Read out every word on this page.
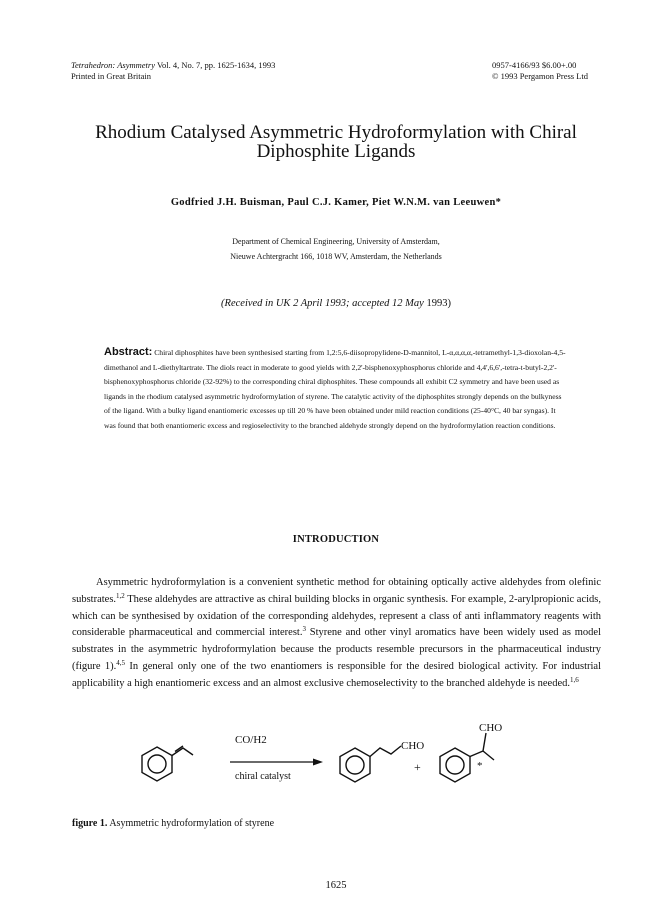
Tetrahedron: Asymmetry Vol. 4, No. 7, pp. 1625-1634, 1993
Printed in Great Britain
0957-4166/93 $6.00+.00
© 1993 Pergamon Press Ltd
Rhodium Catalysed Asymmetric Hydroformylation with Chiral
Diphosphite Ligands
Godfried J.H. Buisman, Paul C.J. Kamer, Piet W.N.M. van Leeuwen*
Department of Chemical Engineering, University of Amsterdam,
Nieuwe Achtergracht 166, 1018 WV, Amsterdam, the Netherlands
(Received in UK 2 April 1993; accepted 12 May 1993)
Abstract: Chiral diphosphites have been synthesised starting from 1,2:5,6-diisopropylidene-D-mannitol, L-α,α,α,α,-tetramethyl-1,3-dioxolan-4,5-dimethanol and L-diethyltartrate. The diols react in moderate to good yields with 2,2'-bisphenoxyphosphorus chloride and 4,4',6,6',-tetra-t-butyl-2,2'-bisphenoxyphosphorus chloride (32-92%) to the corresponding chiral diphosphites. These compounds all exhibit C2 symmetry and have been used as ligands in the rhodium catalysed asymmetric hydroformylation of styrene. The catalytic activity of the diphosphites strongly depends on the bulkyness of the ligand. With a bulky ligand enantiomeric excesses up till 20 % have been obtained under mild reaction conditions (25-40°C, 40 bar syngas). It was found that both enantiomeric excess and regioselectivity to the branched aldehyde strongly depend on the hydroformylation reaction conditions.
INTRODUCTION
Asymmetric hydroformylation is a convenient synthetic method for obtaining optically active aldehydes from olefinic substrates.$^{1,2}$ These aldehydes are attractive as chiral building blocks in organic synthesis. For example, 2-arylpropionic acids, which can be synthesised by oxidation of the corresponding aldehydes, represent a class of anti inflammatory reagents with considerable pharmaceutical and commercial interest.$^3$ Styrene and other vinyl aromatics have been widely used as model substrates in the asymmetric hydroformylation because the products resemble precursors in the pharmaceutical industry (figure 1).$^{4,5}$ In general only one of the two enantiomers is responsible for the desired biological activity. For industrial applicability a high enantiomeric excess and an almost exclusive chemoselectivity to the branched aldehyde is needed.$^{1,6}$
CO/H2
chiral catalyst
CHO
+
CHO
*
figure 1. Asymmetric hydroformylation of styrene
1625
